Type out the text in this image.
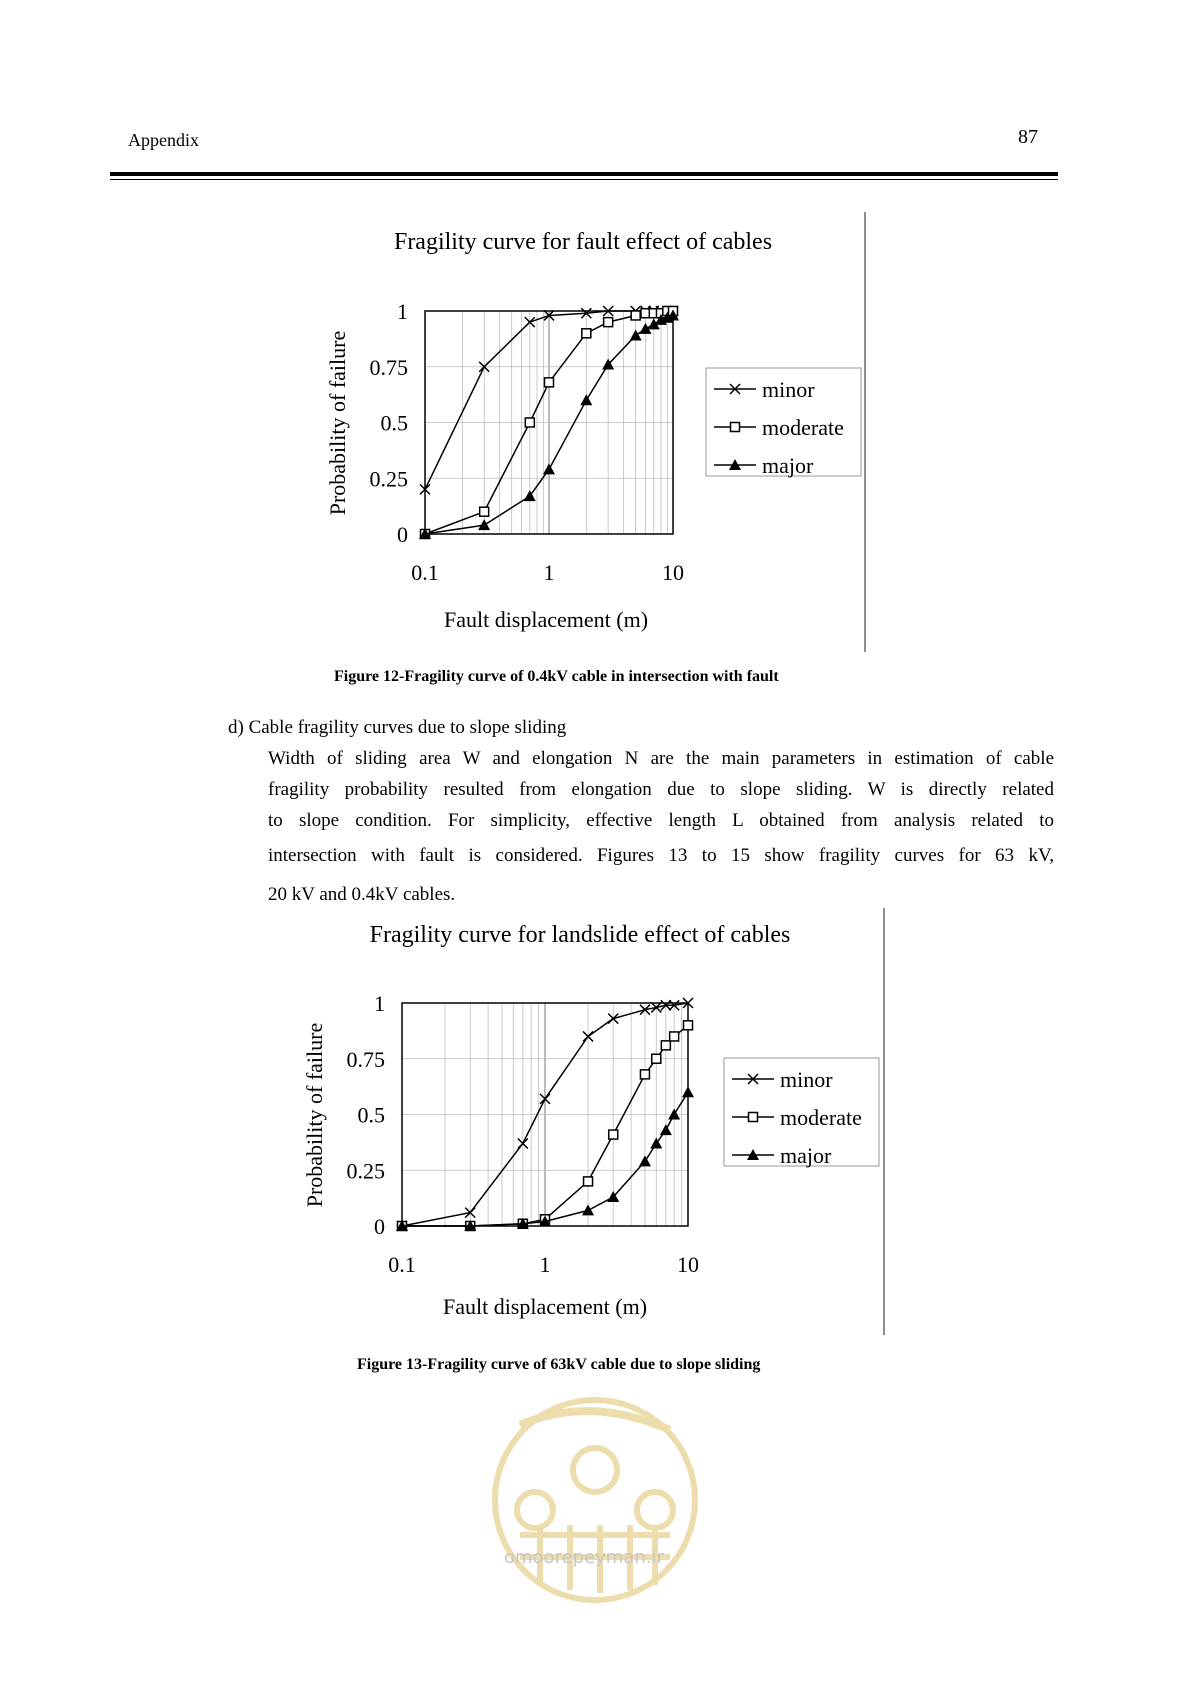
Appendix	87
Fragility curve for fault effect of cables
0
0.25
0.5
0.75
1
0.1	1	10
Fault displacement (m)
Probability of failure	minor
moderate
major
Fragility curve for landslide effect of cables
0
0.25
0.5
0.75
1
0.1	1	10
Fault displacement (m)
Probability of failure	minor
moderate
major
Figure 12-Fragility curve of 0.4kV cable in intersection with fault
d) Cable fragility curves due to slope sliding
Width of sliding area W and elongation N are the main parameters in estimation of cable
fragility probability resulted from elongation due to slope sliding. W is directly related
to slope condition. For simplicity, effective length L obtained from analysis related to
intersection with fault is considered. Figures 13 to 15 show fragility curves for 63 kV,
20 kV and 0.4kV cables.
Figure 13-Fragility curve of 63kV cable due to slope sliding
omoorepeyman.ir
